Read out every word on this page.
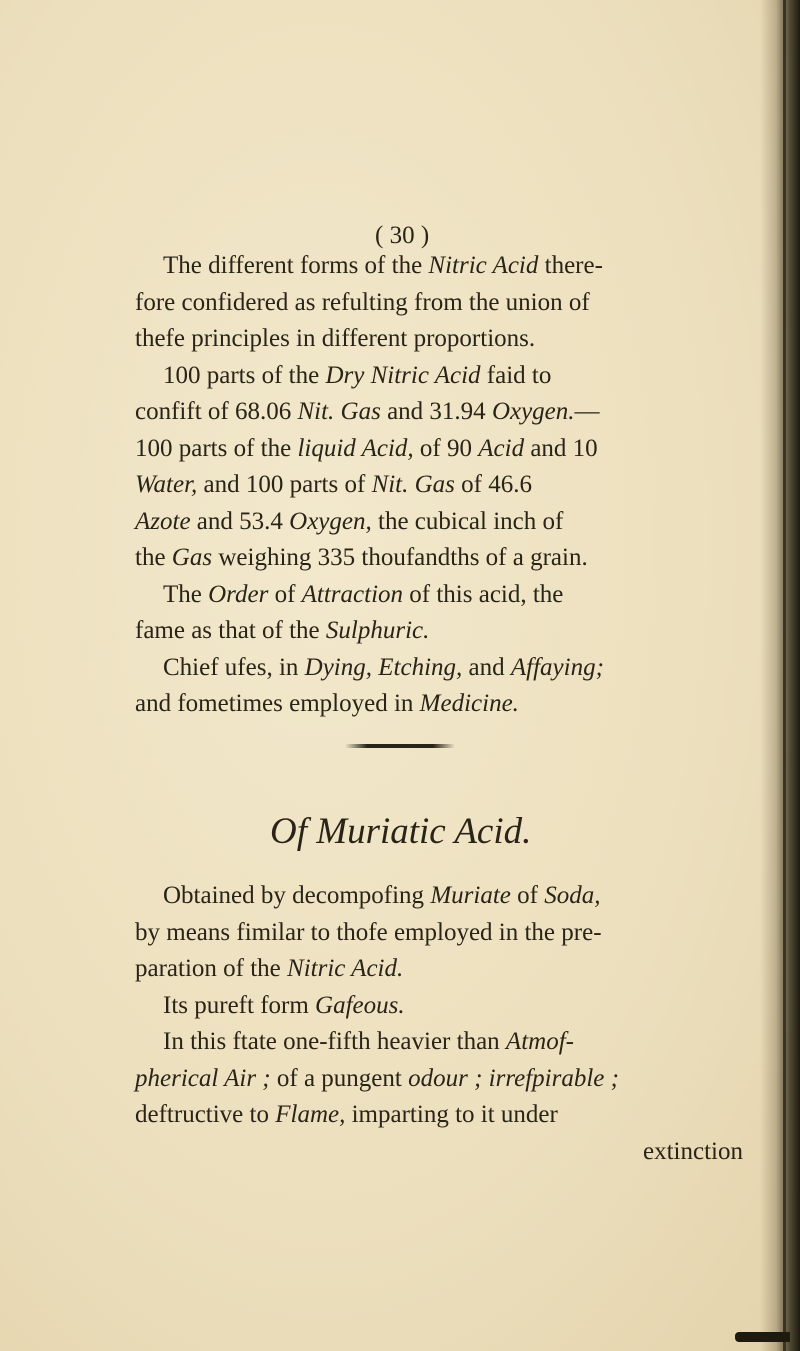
( 30 )
The different forms of the Nitric Acid there-
fore confidered as refulting from the union of
thefe principles in different proportions.
100 parts of the Dry Nitric Acid faid to
confift of 68.06 Nit. Gas and 31.94 Oxygen.—
100 parts of the liquid Acid, of 90 Acid and 10
Water, and 100 parts of Nit. Gas of 46.6
Azote and 53.4 Oxygen, the cubical inch of
the Gas weighing 335 thoufandths of a grain.
The Order of Attraction of this acid, the
fame as that of the Sulphuric.
Chief ufes, in Dying, Etching, and Affaying;
and fometimes employed in Medicine.
Of Muriatic Acid.
Obtained by decompofing Muriate of Soda,
by means fimilar to thofe employed in the pre-
paration of the Nitric Acid.
Its pureft form Gafeous.
In this ftate one-fifth heavier than Atmof-
pherical Air ; of a pungent odour ; irrefpirable ;
deftructive to Flame, imparting to it under
extinction
